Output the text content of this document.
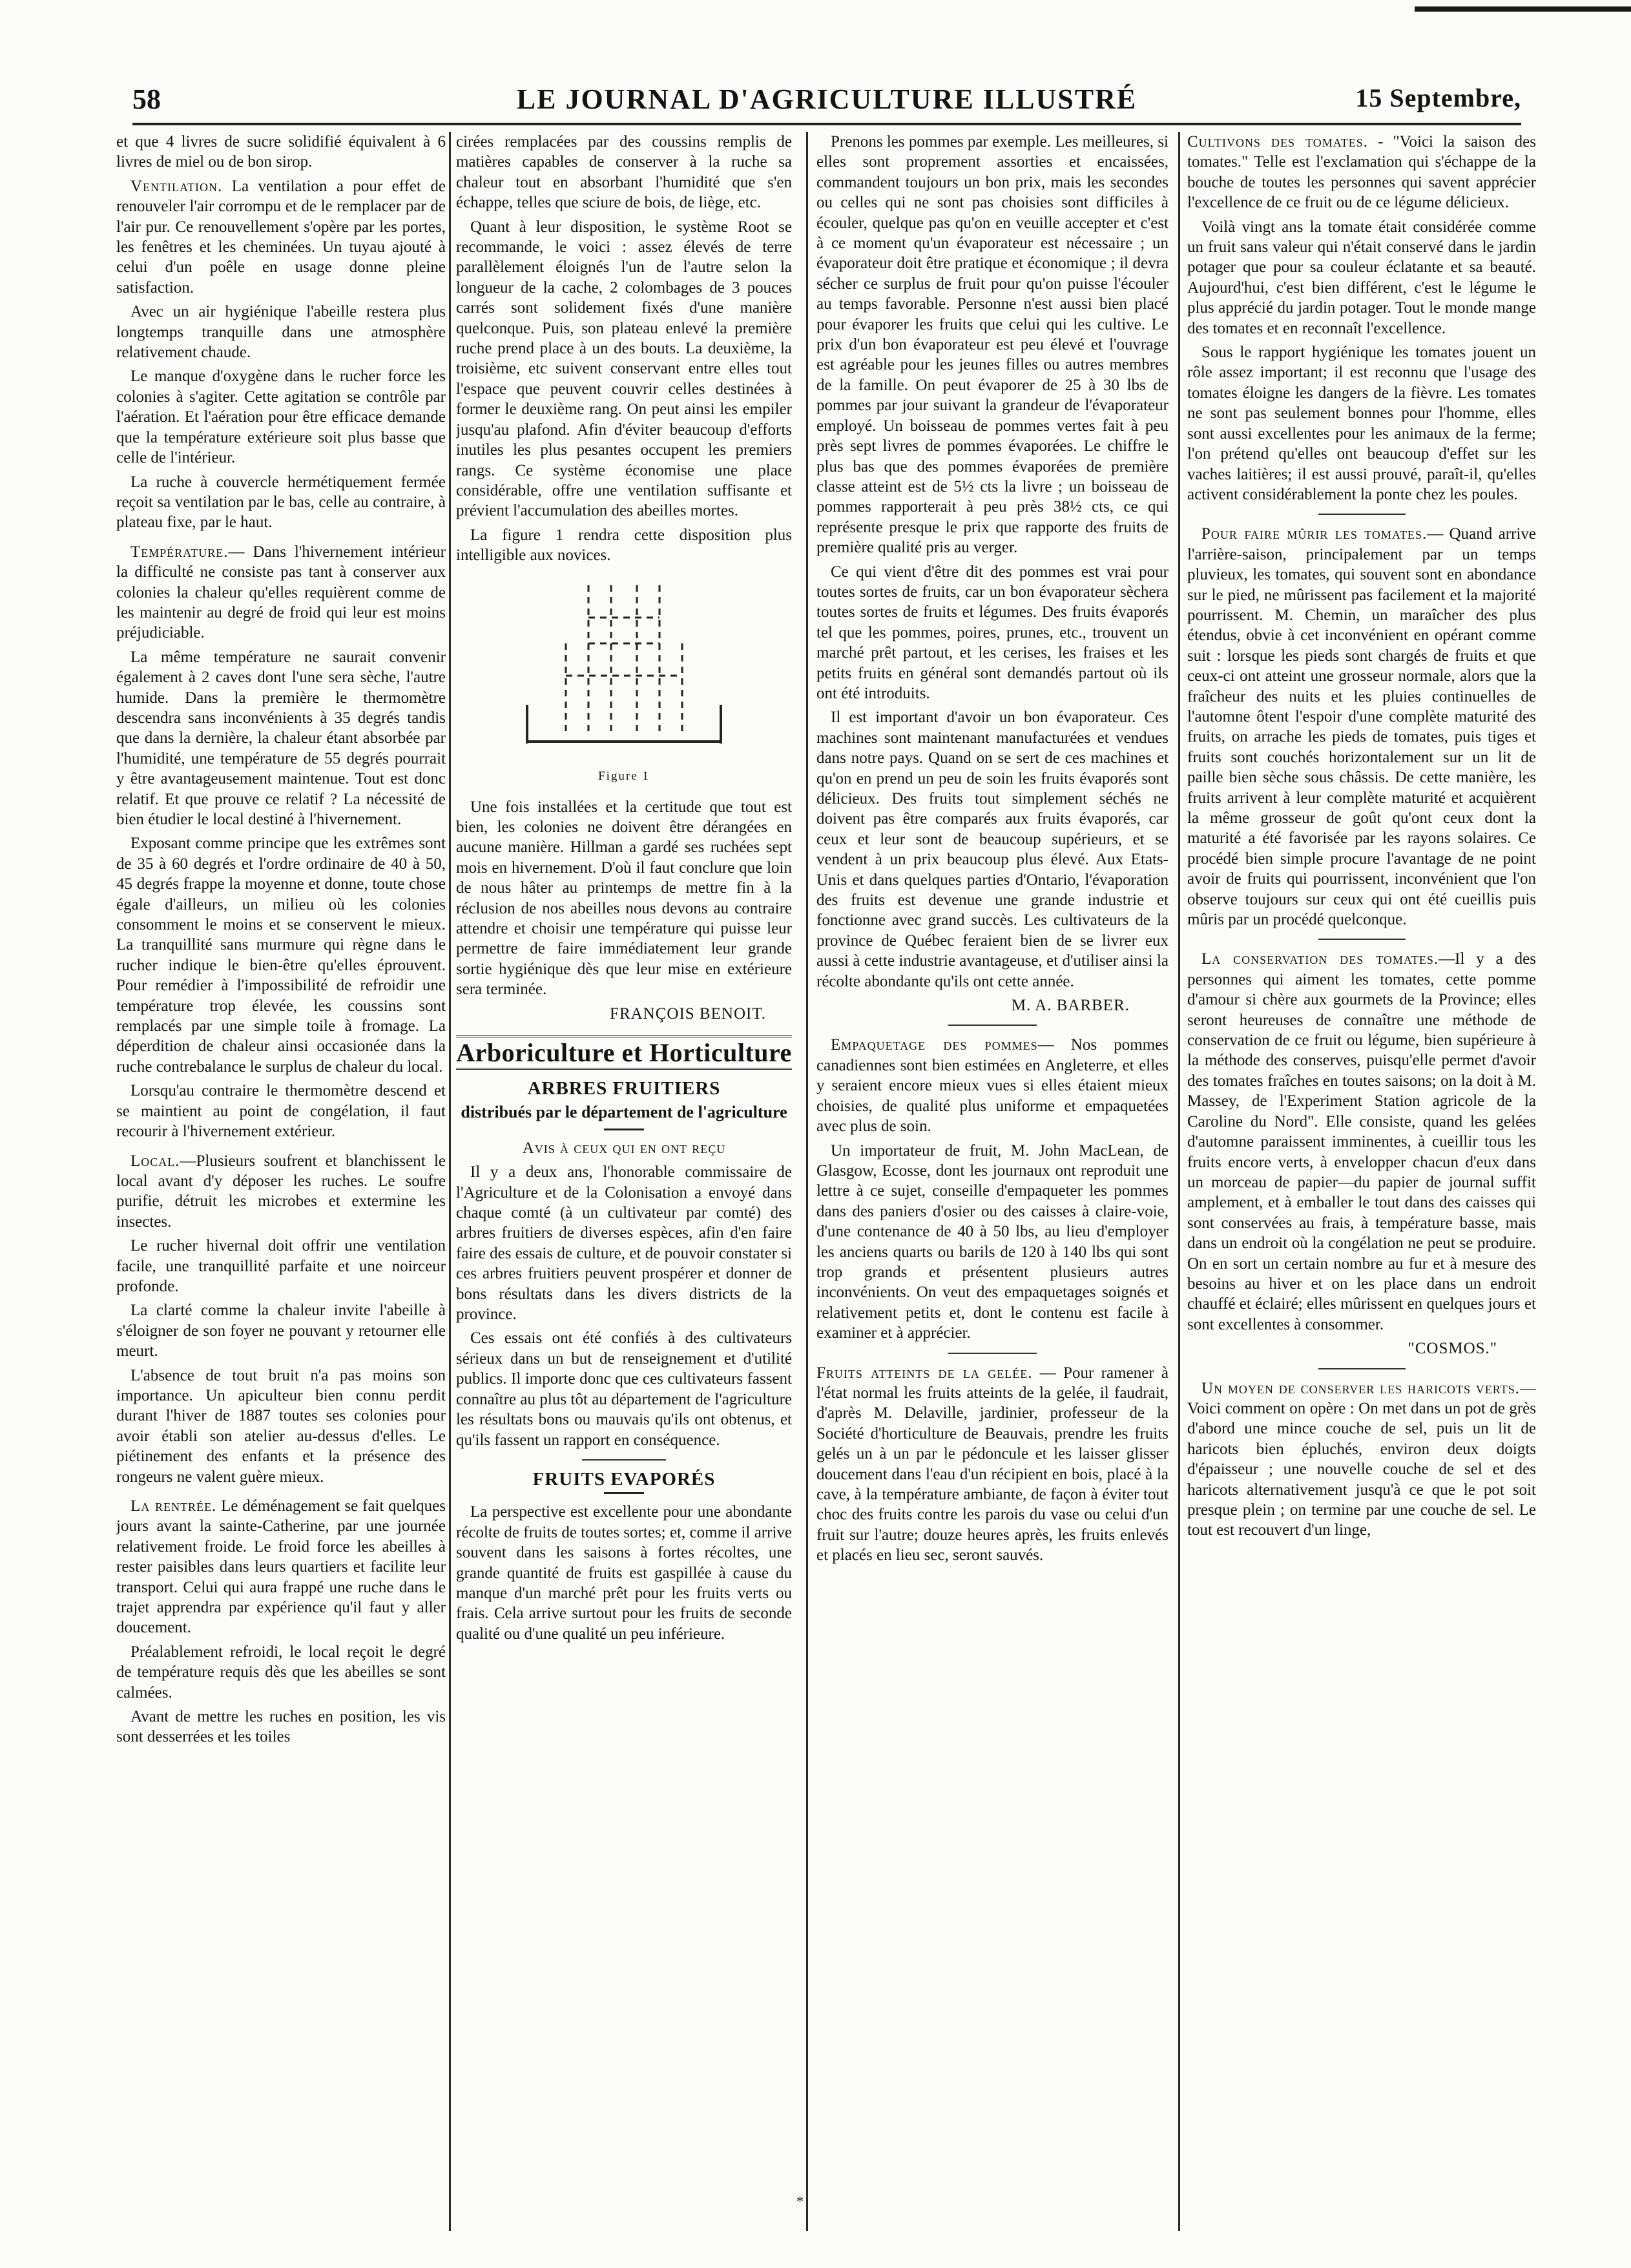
LE JOURNAL D'AGRICULTURE ILLUSTRÉ
58	15 Septembre,

et que 4 livres de sucre solidifié équivalent à 6 livres de miel ou de bon sirop.

Ventilation. La ventilation a pour effet de renouveler l'air corrompu et de le remplacer par de l'air pur. Ce renouvellement s'opère par les portes, les fenêtres et les cheminées. Un tuyau ajouté à celui d'un poêle en usage donne pleine satisfaction.

Avec un air hygiénique l'abeille restera plus longtemps tranquille dans une atmosphère relativement chaude.

Le manque d'oxygène dans le rucher force les colonies à s'agiter. Cette agitation se contrôle par l'aération. Et l'aération pour être efficace demande que la température extérieure soit plus basse que celle de l'intérieur.

La ruche à couvercle hermétiquement fermée reçoit sa ventilation par le bas, celle au contraire, à plateau fixe, par le haut.

Température.— Dans l'hivernement intérieur la difficulté ne consiste pas tant à conserver aux colonies la chaleur qu'elles requièrent comme de les maintenir au degré de froid qui leur est moins préjudiciable.

La même température ne saurait convenir également à 2 caves dont l'une sera sèche, l'autre humide. Dans la première le thermomètre descendra sans inconvénients à 35 degrés tandis que dans la dernière, la chaleur étant absorbée par l'humidité, une température de 55 degrés pourrait y être avantageusement maintenue. Tout est donc relatif. Et que prouve ce relatif ? La nécessité de bien étudier le local destiné à l'hivernement.

Exposant comme principe que les extrêmes sont de 35 à 60 degrés et l'ordre ordinaire de 40 à 50, 45 degrés frappe la moyenne et donne, toute chose égale d'ailleurs, un milieu où les colonies consomment le moins et se conservent le mieux. La tranquillité sans murmure qui règne dans le rucher indique le bien-être qu'elles éprouvent. Pour remédier à l'impossibilité de refroidir une température trop élevée, les coussins sont remplacés par une simple toile à fromage. La déperdition de chaleur ainsi occasionée dans la ruche contrebalance le surplus de chaleur du local.

Lorsqu'au contraire le thermomètre descend et se maintient au point de congélation, il faut recourir à l'hivernement extérieur.

Local.—Plusieurs soufrent et blanchissent le local avant d'y déposer les ruches. Le soufre purifie, détruit les microbes et extermine les insectes.

Le rucher hivernal doit offrir une ventilation facile, une tranquillité parfaite et une noirceur profonde.

La clarté comme la chaleur invite l'abeille à s'éloigner de son foyer ne pouvant y retourner elle meurt.

L'absence de tout bruit n'a pas moins son importance. Un apiculteur bien connu perdit durant l'hiver de 1887 toutes ses colonies pour avoir établi son atelier au-dessus d'elles. Le piétinement des enfants et la présence des rongeurs ne valent guère mieux.

La rentrée. Le déménagement se fait quelques jours avant la sainte-Catherine, par une journée relativement froide. Le froid force les abeilles à rester paisibles dans leurs quartiers et facilite leur transport. Celui qui aura frappé une ruche dans le trajet apprendra par expérience qu'il faut y aller doucement.

Préalablement refroidi, le local reçoit le degré de température requis dès que les abeilles se sont calmées.

Avant de mettre les ruches en position, les vis sont desserrées et les toiles

cirées remplacées par des coussins remplis de matières capables de conserver à la ruche sa chaleur tout en absorbant l'humidité que s'en échappe, telles que sciure de bois, de liège, etc.

Quant à leur disposition, le système Root se recommande, le voici : assez élevés de terre parallèlement éloignés l'un de l'autre selon la longueur de la cache, 2 colombages de 3 pouces carrés sont solidement fixés d'une manière quelconque. Puis, son plateau enlevé la première ruche prend place à un des bouts. La deuxième, la troisième, etc suivent conservant entre elles tout l'espace que peuvent couvrir celles destinées à former le deuxième rang. On peut ainsi les empiler jusqu'au plafond. Afin d'éviter beaucoup d'efforts inutiles les plus pesantes occupent les premiers rangs. Ce système économise une place considérable, offre une ventilation suffisante et prévient l'accumulation des abeilles mortes.

La figure 1 rendra cette disposition plus intelligible aux novices.

Figure 1

Une fois installées et la certitude que tout est bien, les colonies ne doivent être dérangées en aucune manière. Hillman a gardé ses ruchées sept mois en hivernement. D'où il faut conclure que loin de nous hâter au printemps de mettre fin à la réclusion de nos abeilles nous devons au contraire attendre et choisir une température qui puisse leur permettre de faire immédiatement leur grande sortie hygiénique dès que leur mise en extérieure sera terminée.

FRANÇOIS BENOIT.
Arboriculture et Horticulture
ARBRES FRUITIERS
distribués par le département de l'agriculture

Avis à ceux qui en ont reçu

Il y a deux ans, l'honorable commissaire de l'Agriculture et de la Colonisation a envoyé dans chaque comté (à un cultivateur par comté) des arbres fruitiers de diverses espèces, afin d'en faire faire des essais de culture, et de pouvoir constater si ces arbres fruitiers peuvent prospérer et donner de bons résultats dans les divers districts de la province.

Ces essais ont été confiés à des cultivateurs sérieux dans un but de renseignement et d'utilité publics. Il importe donc que ces cultivateurs fassent connaître au plus tôt au département de l'agriculture les résultats bons ou mauvais qu'ils ont obtenus, et qu'ils fassent un rapport en conséquence.

FRUITS EVAPORÉS

La perspective est excellente pour une abondante récolte de fruits de toutes sortes; et, comme il arrive souvent dans les saisons à fortes récoltes, une grande quantité de fruits est gaspillée à cause du manque d'un marché prêt pour les fruits verts ou frais. Cela arrive surtout pour les fruits de seconde qualité ou d'une qualité un peu inférieure.

Prenons les pommes par exemple. Les meilleures, si elles sont proprement assorties et encaissées, commandent toujours un bon prix, mais les secondes ou celles qui ne sont pas choisies sont difficiles à écouler, quelque pas qu'on en veuille accepter et c'est à ce moment qu'un évaporateur est nécessaire ; un évaporateur doit être pratique et économique ; il devra sécher ce surplus de fruit pour qu'on puisse l'écouler au temps favorable. Personne n'est aussi bien placé pour évaporer les fruits que celui qui les cultive. Le prix d'un bon évaporateur est peu élevé et l'ouvrage est agréable pour les jeunes filles ou autres membres de la famille. On peut évaporer de 25 à 30 lbs de pommes par jour suivant la grandeur de l'évaporateur employé. Un boisseau de pommes vertes fait à peu près sept livres de pommes évaporées. Le chiffre le plus bas que des pommes évaporées de première classe atteint est de 5½ cts la livre ; un boisseau de pommes rapporterait à peu près 38½ cts, ce qui représente presque le prix que rapporte des fruits de première qualité pris au verger.

Ce qui vient d'être dit des pommes est vrai pour toutes sortes de fruits, car un bon évaporateur sèchera toutes sortes de fruits et légumes. Des fruits évaporés tel que les pommes, poires, prunes, etc., trouvent un marché prêt partout, et les cerises, les fraises et les petits fruits en général sont demandés partout où ils ont été introduits.

Il est important d'avoir un bon évaporateur. Ces machines sont maintenant manufacturées et vendues dans notre pays. Quand on se sert de ces machines et qu'on en prend un peu de soin les fruits évaporés sont délicieux. Des fruits tout simplement séchés ne doivent pas être comparés aux fruits évaporés, car ceux et leur sont de beaucoup supérieurs, et se vendent à un prix beaucoup plus élevé. Aux Etats-Unis et dans quelques parties d'Ontario, l'évaporation des fruits est devenue une grande industrie et fonctionne avec grand succès. Les cultivateurs de la province de Québec feraient bien de se livrer eux aussi à cette industrie avantageuse, et d'utiliser ainsi la récolte abondante qu'ils ont cette année.

M. A. BARBER.

Empaquetage des pommes— Nos pommes canadiennes sont bien estimées en Angleterre, et elles y seraient encore mieux vues si elles étaient mieux choisies, de qualité plus uniforme et empaquetées avec plus de soin.

Un importateur de fruit, M. John MacLean, de Glasgow, Ecosse, dont les journaux ont reproduit une lettre à ce sujet, conseille d'empaqueter les pommes dans des paniers d'osier ou des caisses à claire-voie, d'une contenance de 40 à 50 lbs, au lieu d'employer les anciens quarts ou barils de 120 à 140 lbs qui sont trop grands et présentent plusieurs autres inconvénients. On veut des empaquetages soignés et relativement petits et, dont le contenu est facile à examiner et à apprécier.

Fruits atteints de la gelée. — Pour ramener à l'état normal les fruits atteints de la gelée, il faudrait, d'après M. Delaville, jardinier, professeur de la Société d'horticulture de Beauvais, prendre les fruits gelés un à un par le pédoncule et les laisser glisser doucement dans l'eau d'un récipient en bois, placé à la cave, à la température ambiante, de façon à éviter tout choc des fruits contre les parois du vase ou celui d'un fruit sur l'autre; douze heures après, les fruits enlevés et placés en lieu sec, seront sauvés.

Cultivons des tomates. - "Voici la saison des tomates." Telle est l'exclamation qui s'échappe de la bouche de toutes les personnes qui savent apprécier l'excellence de ce fruit ou de ce légume délicieux.

Voilà vingt ans la tomate était considérée comme un fruit sans valeur qui n'était conservé dans le jardin potager que pour sa couleur éclatante et sa beauté. Aujourd'hui, c'est bien différent, c'est le légume le plus apprécié du jardin potager. Tout le monde mange des tomates et en reconnaît l'excellence.

Sous le rapport hygiénique les tomates jouent un rôle assez important; il est reconnu que l'usage des tomates éloigne les dangers de la fièvre. Les tomates ne sont pas seulement bonnes pour l'homme, elles sont aussi excellentes pour les animaux de la ferme; l'on prétend qu'elles ont beaucoup d'effet sur les vaches laitières; il est aussi prouvé, paraît-il, qu'elles activent considérablement la ponte chez les poules.

Pour faire mûrir les tomates.— Quand arrive l'arrière-saison, principalement par un temps pluvieux, les tomates, qui souvent sont en abondance sur le pied, ne mûrissent pas facilement et la majorité pourrissent. M. Chemin, un maraîcher des plus étendus, obvie à cet inconvénient en opérant comme suit : lorsque les pieds sont chargés de fruits et que ceux-ci ont atteint une grosseur normale, alors que la fraîcheur des nuits et les pluies continuelles de l'automne ôtent l'espoir d'une complète maturité des fruits, on arrache les pieds de tomates, puis tiges et fruits sont couchés horizontalement sur un lit de paille bien sèche sous châssis. De cette manière, les fruits arrivent à leur complète maturité et acquièrent la même grosseur de goût qu'ont ceux dont la maturité a été favorisée par les rayons solaires. Ce procédé bien simple procure l'avantage de ne point avoir de fruits qui pourrissent, inconvénient que l'on observe toujours sur ceux qui ont été cueillis puis mûris par un procédé quelconque.

La conservation des tomates.—Il y a des personnes qui aiment les tomates, cette pomme d'amour si chère aux gourmets de la Province; elles seront heureuses de connaître une méthode de conservation de ce fruit ou légume, bien supérieure à la méthode des conserves, puisqu'elle permet d'avoir des tomates fraîches en toutes saisons; on la doit à M. Massey, de l'Experiment Station agricole de la Caroline du Nord". Elle consiste, quand les gelées d'automne paraissent imminentes, à cueillir tous les fruits encore verts, à envelopper chacun d'eux dans un morceau de papier—du papier de journal suffit amplement, et à emballer le tout dans des caisses qui sont conservées au frais, à température basse, mais dans un endroit où la congélation ne peut se produire. On en sort un certain nombre au fur et à mesure des besoins au hiver et on les place dans un endroit chauffé et éclairé; elles mûrissent en quelques jours et sont excellentes à consommer.

"COSMOS."

Un moyen de conserver les haricots verts.—Voici comment on opère : On met dans un pot de grès d'abord une mince couche de sel, puis un lit de haricots bien épluchés, environ deux doigts d'épaisseur ; une nouvelle couche de sel et des haricots alternativement jusqu'à ce que le pot soit presque plein ; on termine par une couche de sel. Le tout est recouvert d'un linge,

*
